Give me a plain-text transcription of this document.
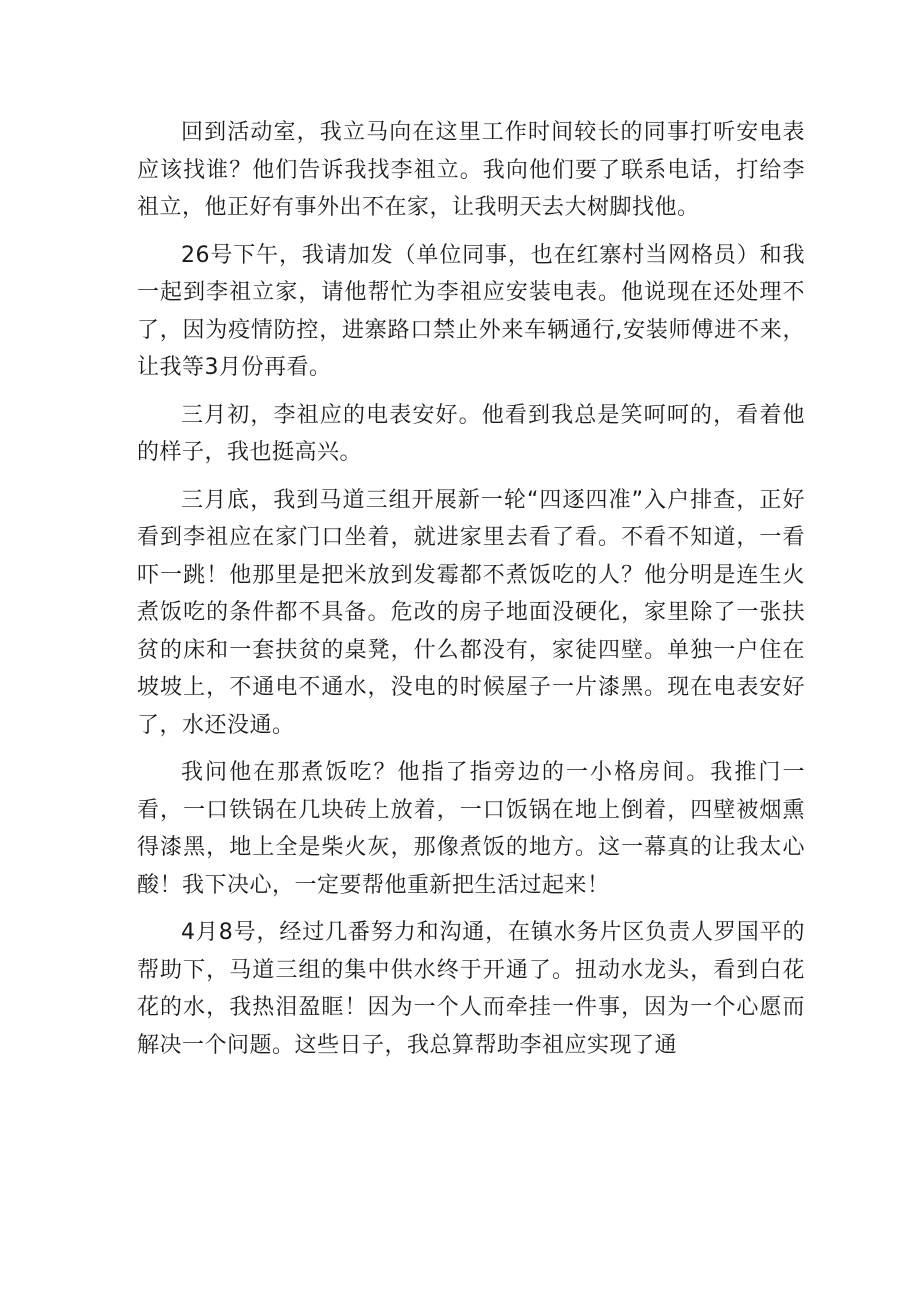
回到活动室，我立马向在这里工作时间较长的同事打听安电表应该找谁？他们告诉我找李祖立。我向他们要了联系电话，打给李祖立，他正好有事外出不在家，让我明天去大树脚找他。

26号下午，我请加发（单位同事，也在红寨村当网格员）和我一起到李祖立家，请他帮忙为李祖应安装电表。他说现在还处理不了，因为疫情防控，进寨路口禁止外来车辆通行,安装师傅进不来，让我等3月份再看。

三月初，李祖应的电表安好。他看到我总是笑呵呵的，看着他的样子，我也挺高兴。

三月底，我到马道三组开展新一轮“四逐四准”入户排查，正好看到李祖应在家门口坐着，就进家里去看了看。不看不知道，一看吓一跳！他那里是把米放到发霉都不煮饭吃的人？他分明是连生火煮饭吃的条件都不具备。危改的房子地面没硬化，家里除了一张扶贫的床和一套扶贫的桌凳，什么都没有，家徒四壁。单独一户住在坡坡上，不通电不通水，没电的时候屋子一片漆黑。现在电表安好了，水还没通。

我问他在那煮饭吃？他指了指旁边的一小格房间。我推门一看，一口铁锅在几块砖上放着，一口饭锅在地上倒着，四壁被烟熏得漆黑，地上全是柴火灰，那像煮饭的地方。这一幕真的让我太心酸！我下决心，一定要帮他重新把生活过起来！

4月8号，经过几番努力和沟通，在镇水务片区负责人罗国平的帮助下，马道三组的集中供水终于开通了。扭动水龙头，看到白花花的水，我热泪盈眶！因为一个人而牵挂一件事，因为一个心愿而解决一个问题。这些日子，我总算帮助李祖应实现了通
